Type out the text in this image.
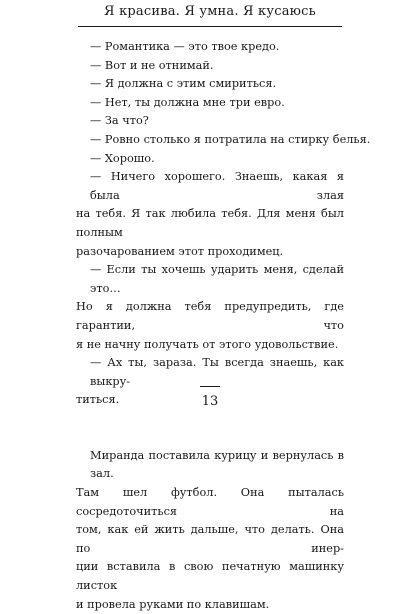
Я красива. Я умна. Я кусаюсь
— Романтика — это твое кредо.
— Вот и не отнимай.
— Я должна с этим смириться.
— Нет, ты должна мне три евро.
— За что?
— Ровно столько я потратила на стирку белья.
— Хорошо.
— Ничего хорошего. Знаешь, какая я была злая
на тебя. Я так любила тебя. Для меня был полным
разочарованием этот проходимец.
— Если ты хочешь ударить меня, сделай это…
Но я должна тебя предупредить, где гарантии, что
я не начну получать от этого удовольствие.
— Ах ты, зараза. Ты всегда знаешь, как выкру-
титься.
Миранда поставила курицу и вернулась в зал.
Там шел футбол. Она пыталась сосредоточиться на
том, как ей жить дальше, что делать. Она по инер-
ции вставила в свою печатную машинку листок
и провела руками по клавишам.
13
